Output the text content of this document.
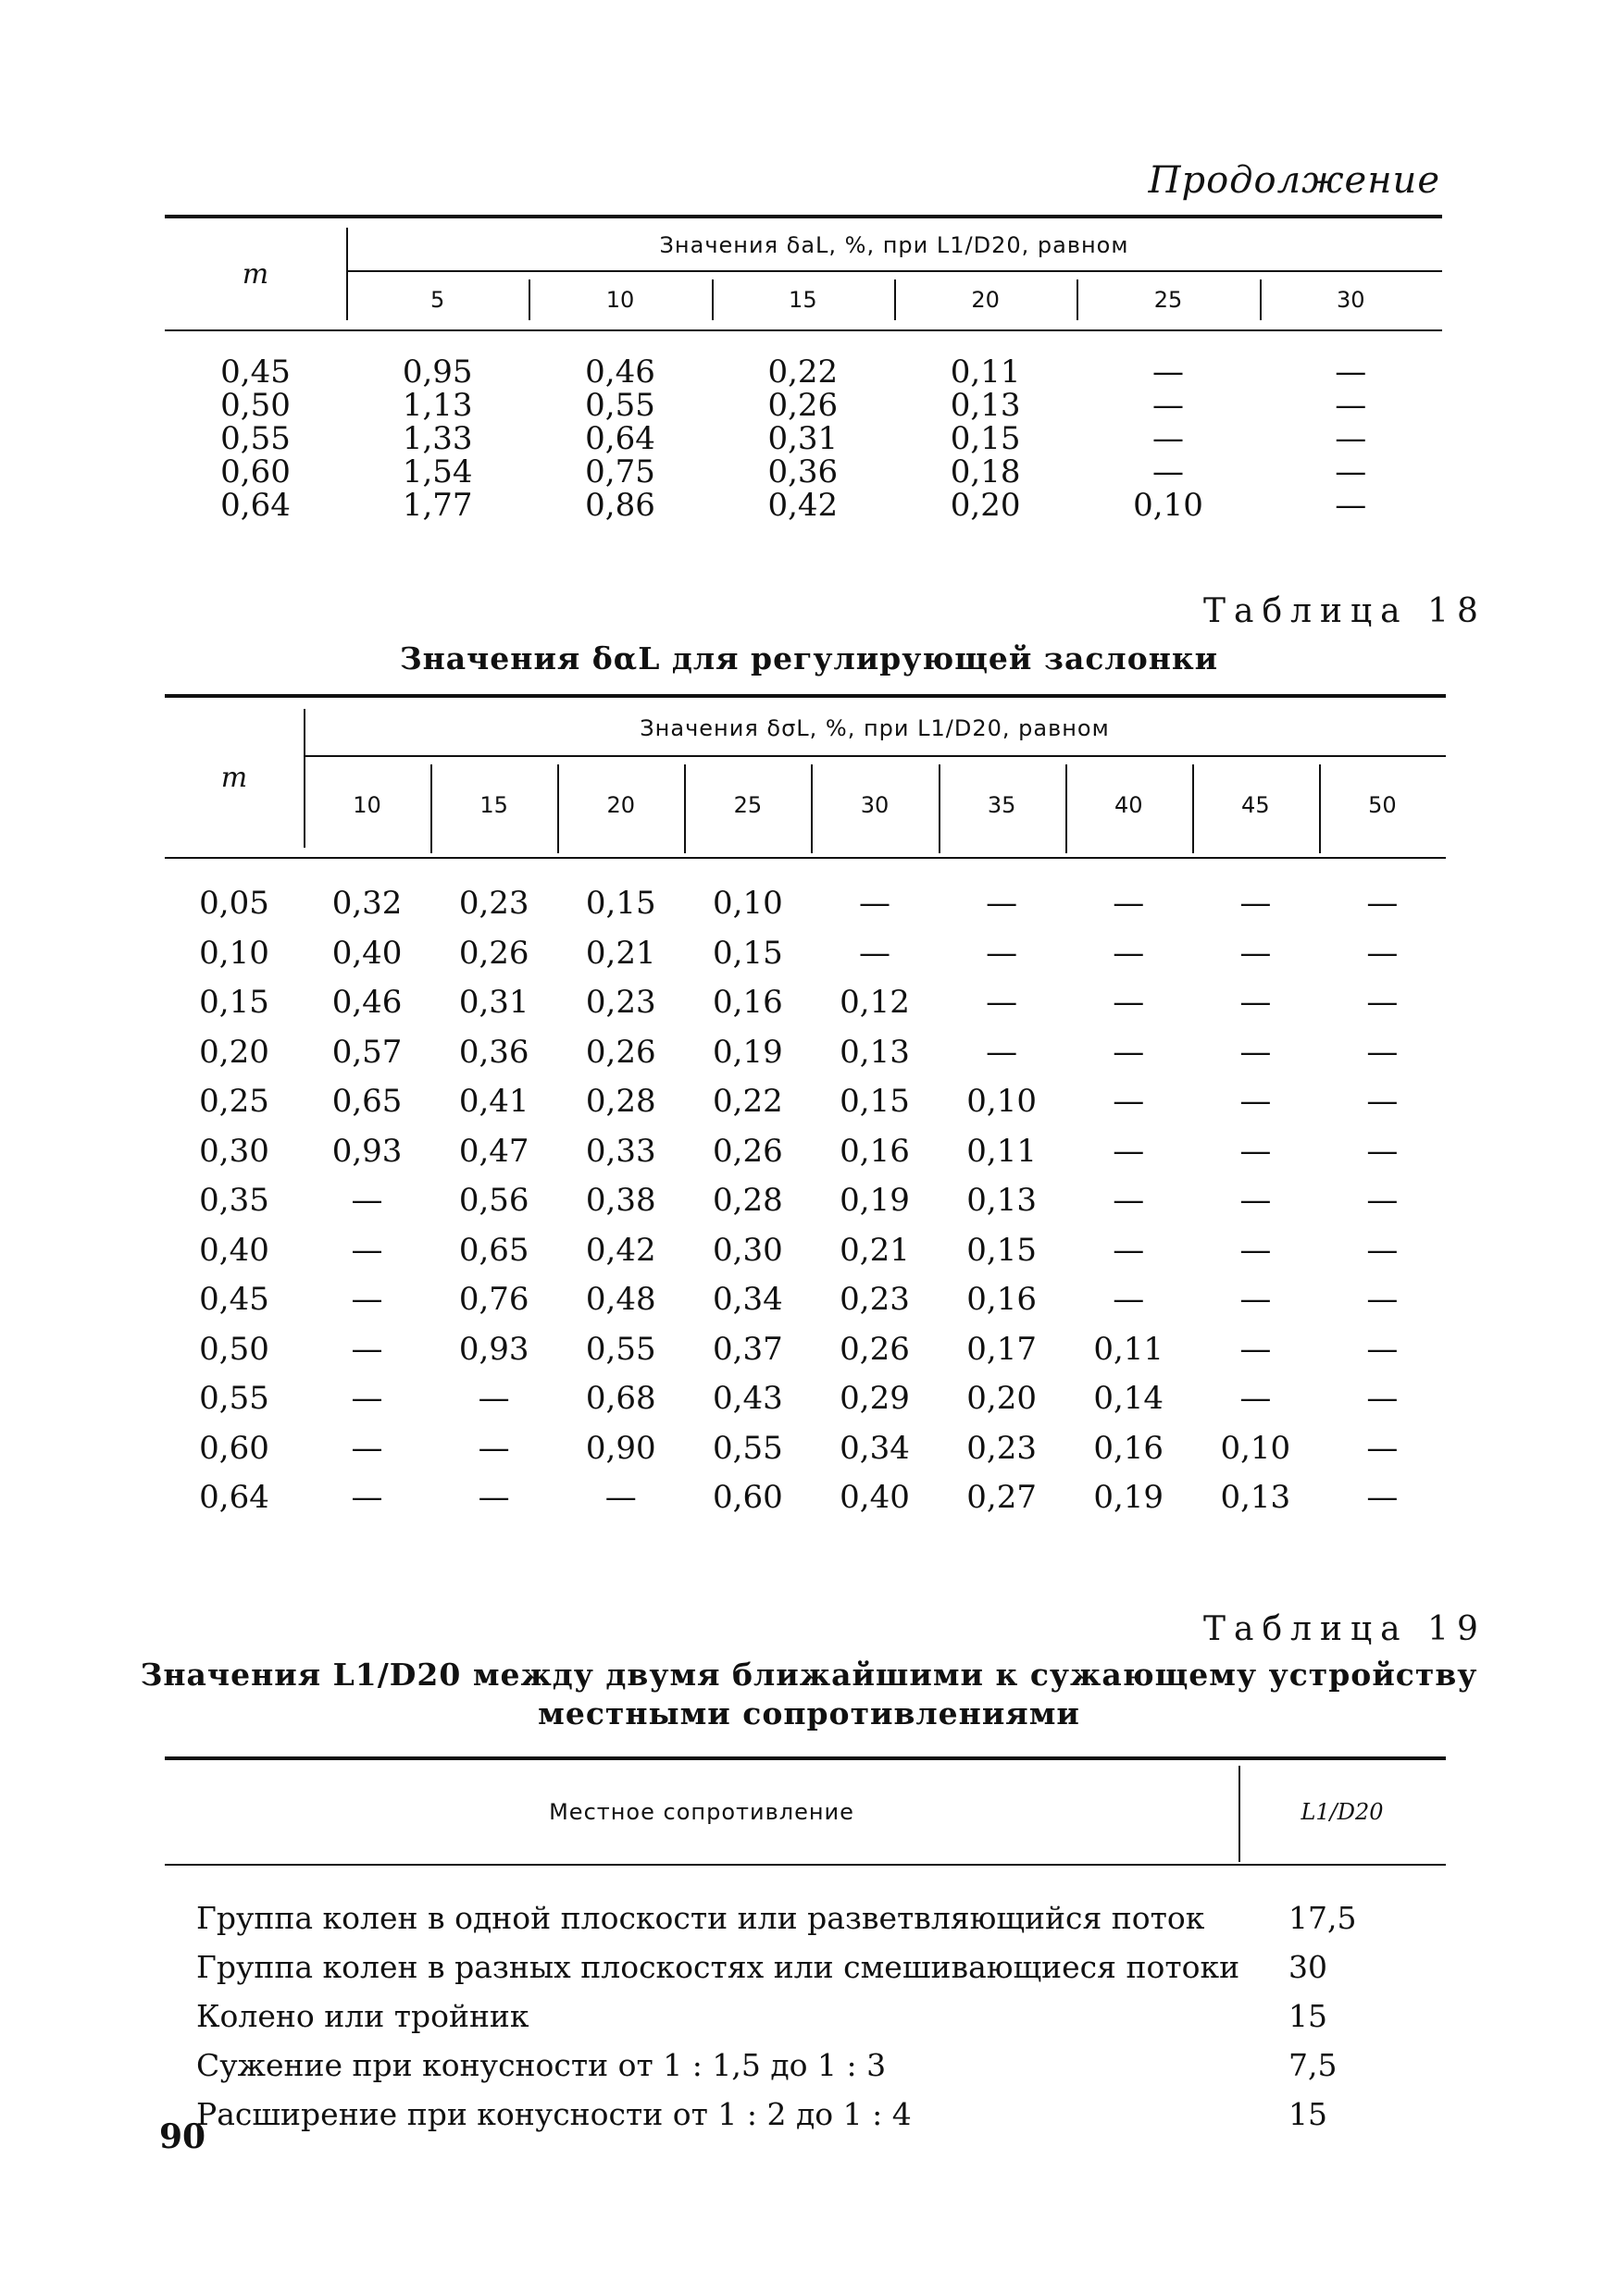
Продолжение
m
Значения δaL, %, при L1/D20, равном
5	10	15	20	25	30
0,45	0,95	0,46	0,22	0,11	—	—
0,50	1,13	0,55	0,26	0,13	—	—
0,55	1,33	0,64	0,31	0,15	—	—
0,60	1,54	0,75	0,36	0,18	—	—
0,64	1,77	0,86	0,42	0,20	0,10	—
Таблица 18
Значения δαL для регулирующей заслонки
m
Значения δσL, %, при L1/D20, равном
10	15	20	25	30	35	40	45	50
0,05	0,32	0,23	0,15	0,10	—	—	—	—	—
0,10	0,40	0,26	0,21	0,15	—	—	—	—	—
0,15	0,46	0,31	0,23	0,16	0,12	—	—	—	—
0,20	0,57	0,36	0,26	0,19	0,13	—	—	—	—
0,25	0,65	0,41	0,28	0,22	0,15	0,10	—	—	—
0,30	0,93	0,47	0,33	0,26	0,16	0,11	—	—	—
0,35	—	0,56	0,38	0,28	0,19	0,13	—	—	—
0,40	—	0,65	0,42	0,30	0,21	0,15	—	—	—
0,45	—	0,76	0,48	0,34	0,23	0,16	—	—	—
0,50	—	0,93	0,55	0,37	0,26	0,17	0,11	—	—
0,55	—	—	0,68	0,43	0,29	0,20	0,14	—	—
0,60	—	—	0,90	0,55	0,34	0,23	0,16	0,10	—
0,64	—	—	—	0,60	0,40	0,27	0,19	0,13	—
Таблица 19
Значения L1/D20 между двумя ближайшими к сужающему устройству
местными сопротивлениями
Местное сопротивление	L1/D20
Группа колен в одной плоскости или разветвляющийся поток	17,5
Группа колен в разных плоскостях или смешивающиеся потоки	30
Колено или тройник	15
Сужение при конусности от 1 : 1,5 до 1 : 3	7,5
Расширение при конусности от 1 : 2 до 1 : 4	15
90
